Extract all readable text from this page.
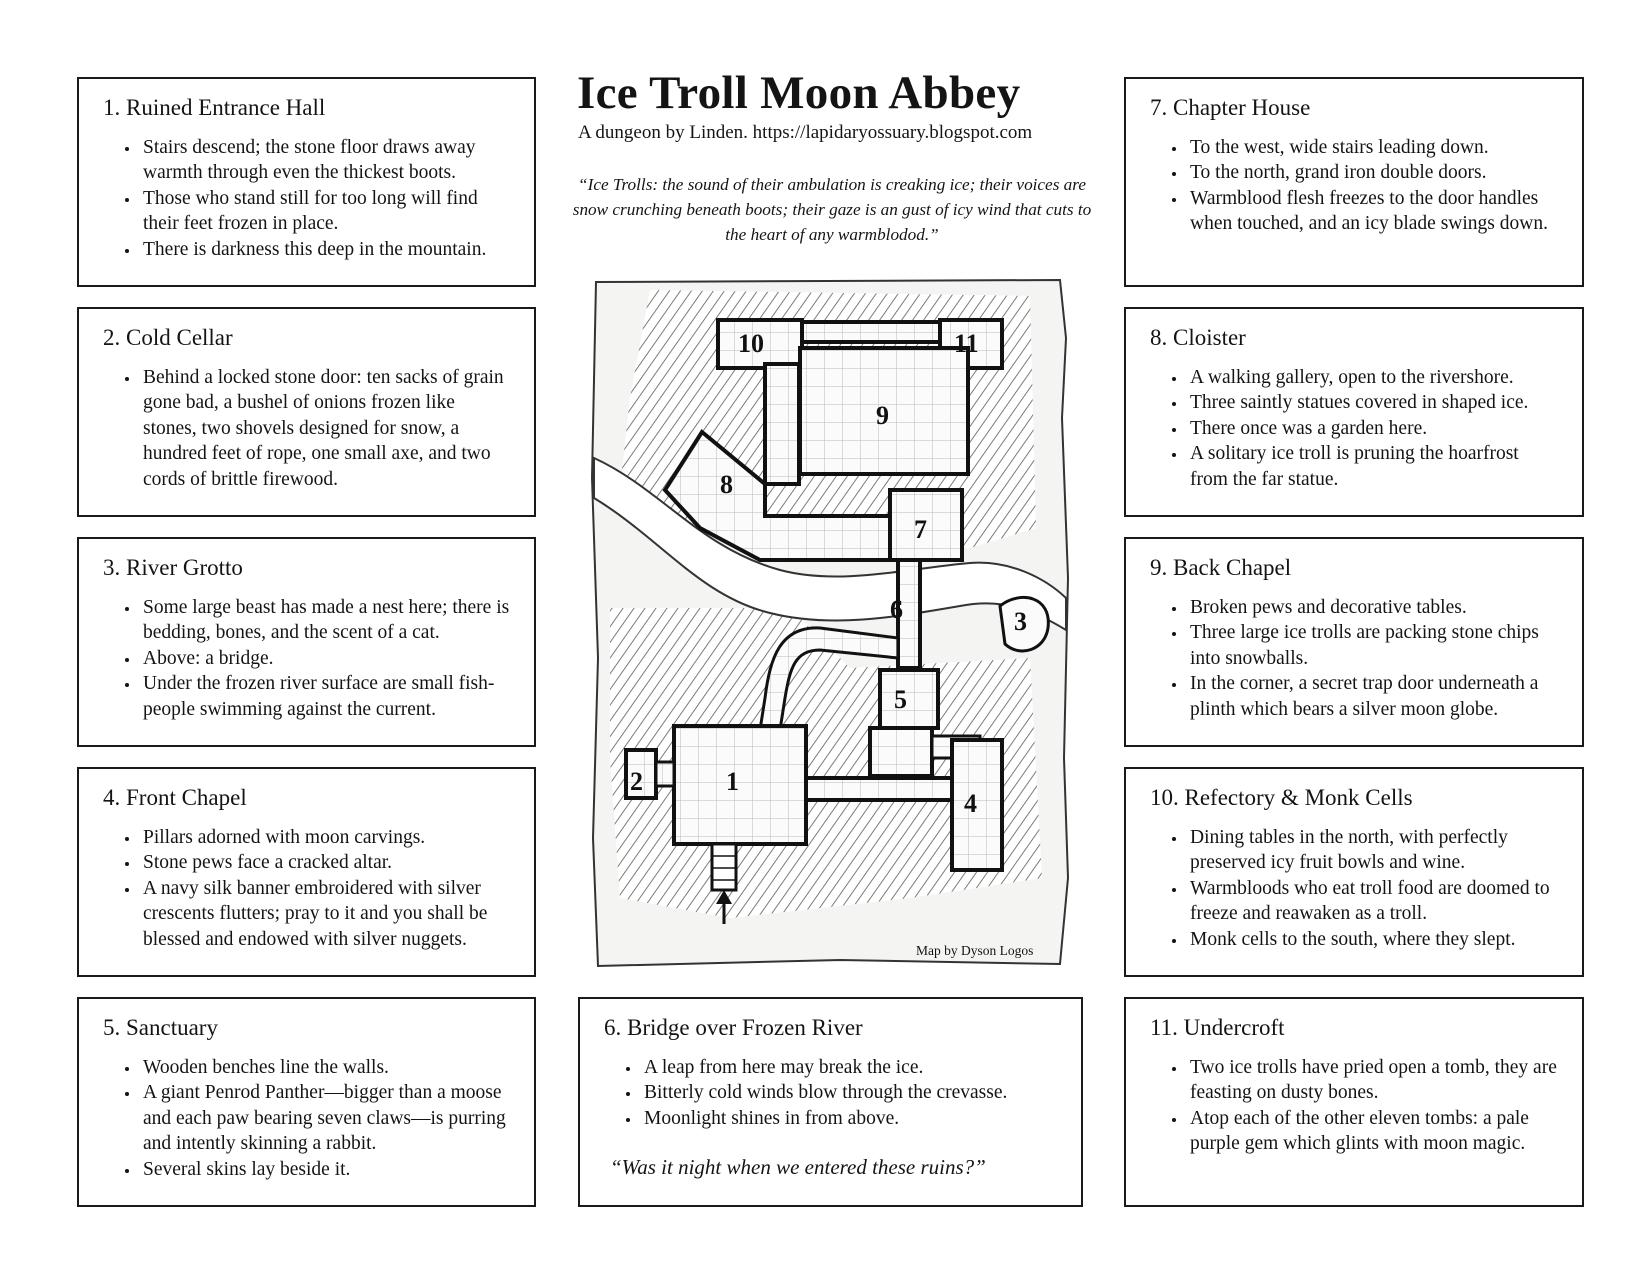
Ice Troll Moon Abbey
A dungeon by Linden. https://lapidaryossuary.blogspot.com
“Ice Trolls: the sound of their ambulation is creaking ice; their voices are snow crunching beneath boots; their gaze is an gust of icy wind that cuts to the heart of any warmblodod.”
1. Ruined Entrance Hall
• Stairs descend; the stone floor draws away warmth through even the thickest boots.
• Those who stand still for too long will find their feet frozen in place.
• There is darkness this deep in the mountain.
2. Cold Cellar
• Behind a locked stone door: ten sacks of grain gone bad, a bushel of onions frozen like stones, two shovels designed for snow, a hundred feet of rope, one small axe, and two cords of brittle firewood.
3. River Grotto
• Some large beast has made a nest here; there is bedding, bones, and the scent of a cat.
• Above: a bridge.
• Under the frozen river surface are small fish-people swimming against the current.
4. Front Chapel
• Pillars adorned with moon carvings.
• Stone pews face a cracked altar.
• A navy silk banner embroidered with silver crescents flutters; pray to it and you shall be blessed and endowed with silver nuggets.
5. Sanctuary
• Wooden benches line the walls.
• A giant Penrod Panther—bigger than a moose and each paw bearing seven claws—is purring and intently skinning a rabbit.
• Several skins lay beside it.
6. Bridge over Frozen River
• A leap from here may break the ice.
• Bitterly cold winds blow through the crevasse.
• Moonlight shines in from above.
“Was it night when we entered these ruins?”
7. Chapter House
• To the west, wide stairs leading down.
• To the north, grand iron double doors.
• Warmblood flesh freezes to the door handles when touched, and an icy blade swings down.
8. Cloister
• A walking gallery, open to the rivershore.
• Three saintly statues covered in shaped ice.
• There once was a garden here.
• A solitary ice troll is pruning the hoarfrost from the far statue.
9. Back Chapel
• Broken pews and decorative tables.
• Three large ice trolls are packing stone chips into snowballs.
• In the corner, a secret trap door underneath a plinth which bears a silver moon globe.
10. Refectory & Monk Cells
• Dining tables in the north, with perfectly preserved icy fruit bowls and wine.
• Warmbloods who eat troll food are doomed to freeze and reawaken as a troll.
• Monk cells to the south, where they slept.
11. Undercroft
• Two ice trolls have pried open a tomb, they are feasting on dusty bones.
• Atop each of the other eleven tombs: a pale purple gem which glints with moon magic.
10	11
9
8
7
6	3
5
1
2
4
Map by Dyson Logos
